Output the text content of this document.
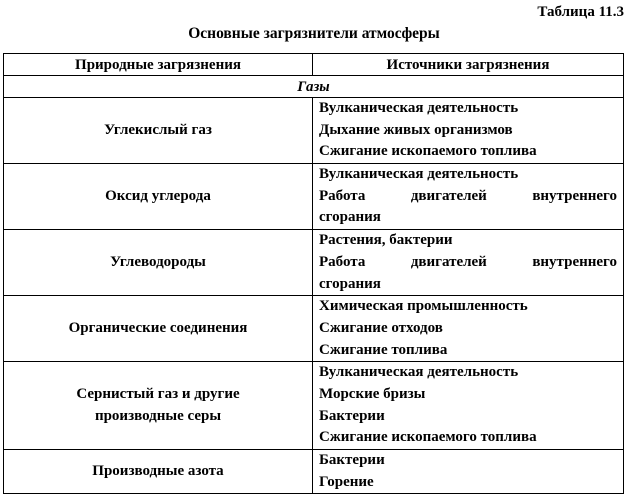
Таблица 11.3
Основные загрязнители атмосферы
Природные загрязнения	Источники загрязнения
Газы	
Углекислый газ	Вулканическая деятельность
Дыхание живых организмов
Сжигание ископаемого топлива

Оксид углерода	Вулканическая деятельность
Работа двигателей внутреннего
сгорания

Углеводороды	Растения, бактерии
Работа двигателей внутреннего
сгорания

Органические соединения	Химическая промышленность
Сжигание отходов
Сжигание топлива

Сернистый газ и другие
производные серы	Вулканическая деятельность
Морские бризы
Бактерии
Сжигание ископаемого топлива

Производные азота	Бактерии
Горение
